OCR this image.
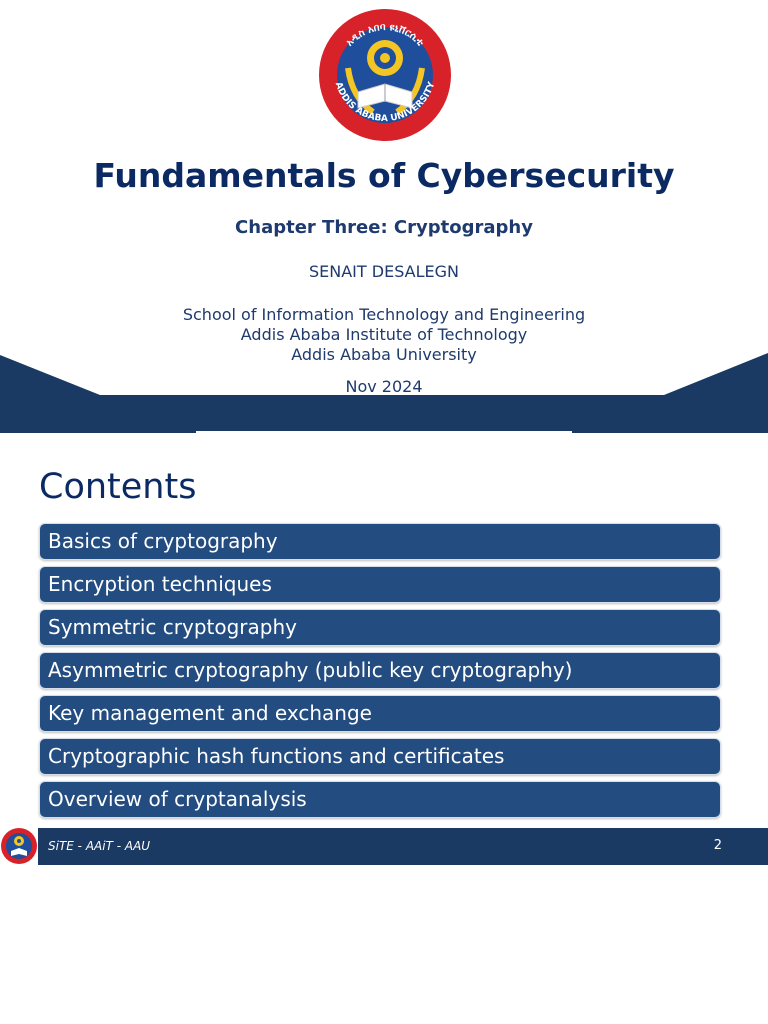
አዲስ አበባ ዩኒቨርሲቲ
ADDIS ABABA UNIVERSITY
Fundamentals of Cybersecurity
Chapter Three: Cryptography
SENAIT DESALEGN
School of Information Technology and Engineering
Addis Ababa Institute of Technology
Addis Ababa University
Nov 2024
Contents
Basics of cryptography
Encryption techniques
Symmetric cryptography
Asymmetric cryptography (public key cryptography)
Key management and exchange
Cryptographic hash functions and certificates
Overview of cryptanalysis
SiTE - AAiT - AAU	2
